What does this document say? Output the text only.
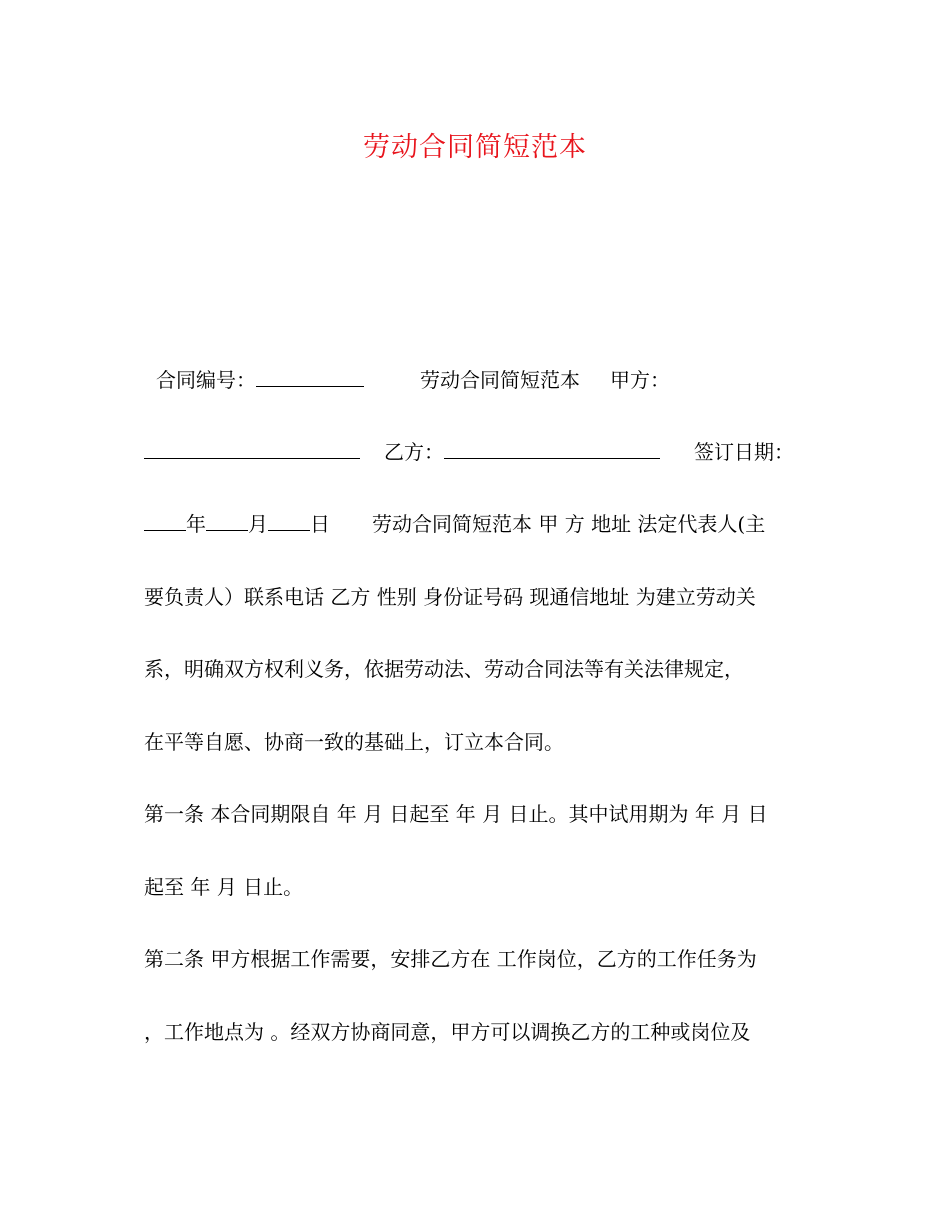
劳动合同简短范本
合同编号：	劳动合同简短范本 甲方：
乙方：	签订日期：
年 月 日 劳动合同简短范本 甲 方 地址 法定代表人(主
要负责人）联系电话 乙方 性别 身份证号码 现通信地址 为建立劳动关
系，明确双方权利义务，依据劳动法、劳动合同法等有关法律规定，
在平等自愿、协商一致的基础上，订立本合同。
第一条 本合同期限自 年 月 日起至 年 月 日止。其中试用期为 年 月 日
起至 年 月 日止。
第二条 甲方根据工作需要，安排乙方在 工作岗位，乙方的工作任务为
，工作地点为 。经双方协商同意，甲方可以调换乙方的工种或岗位及
